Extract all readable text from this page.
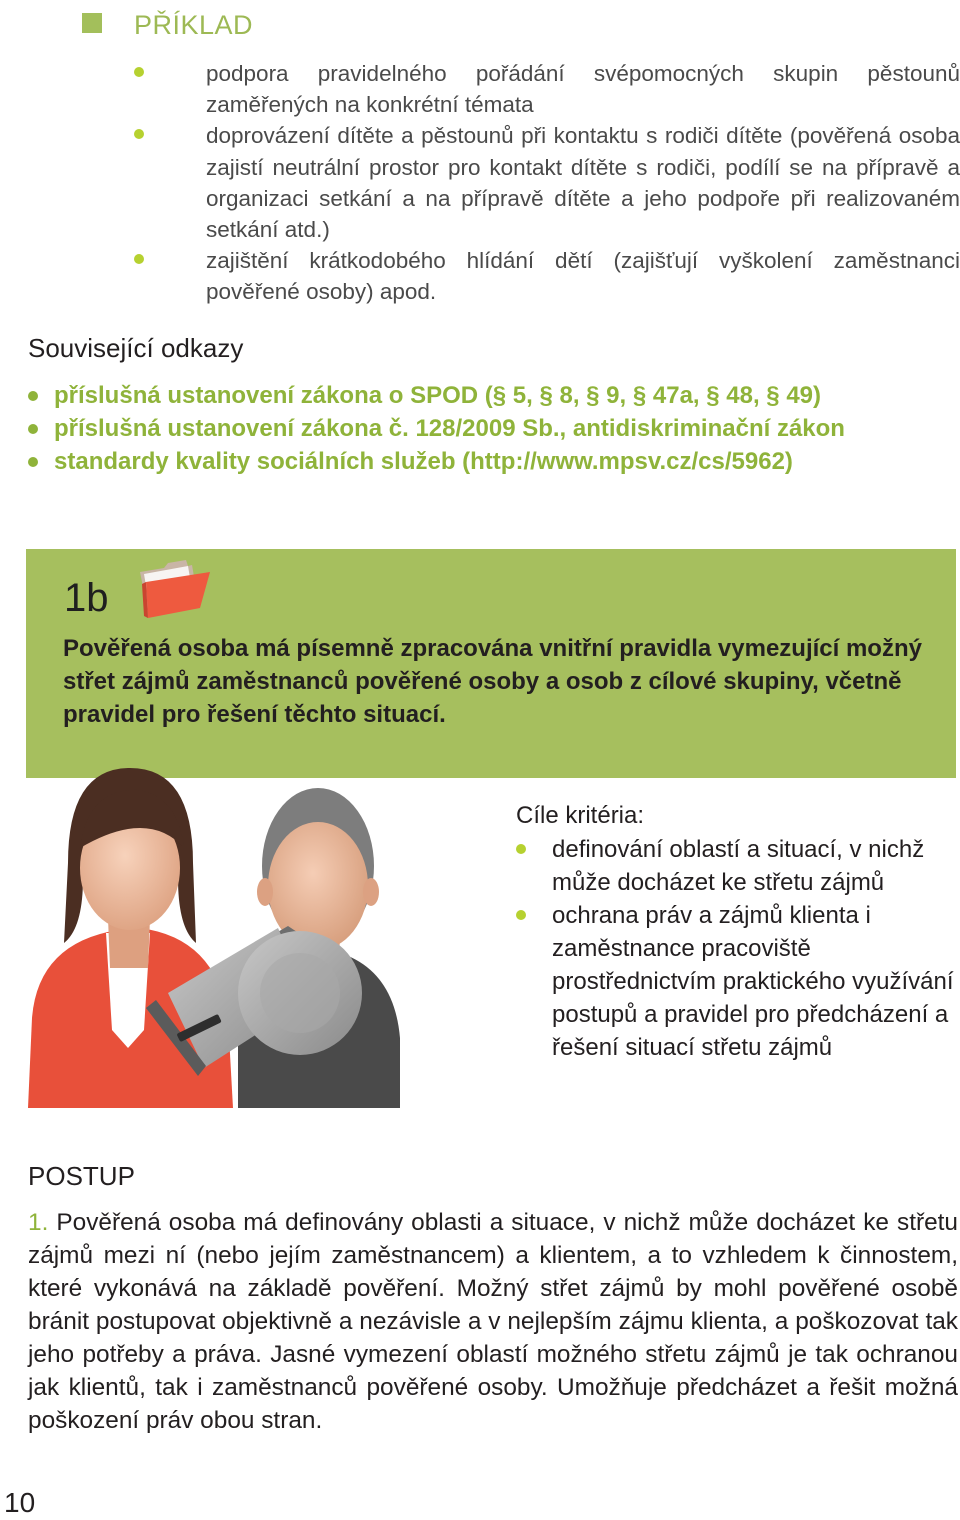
PŘÍKLAD
podpora pravidelného pořádání svépomocných skupin pěstounů zaměřených na konkrétní témata
doprovázení dítěte a pěstounů při kontaktu s rodiči dítěte (pověřená osoba zajistí neutrální prostor pro kontakt dítěte s rodiči, podílí se na přípravě a organizaci setkání a na přípravě dítěte a jeho podpoře při realizovaném setkání atd.)
zajištění krátkodobého hlídání dětí (zajišťují vyškolení zaměstnanci pověřené osoby) apod.
Související odkazy
příslušná ustanovení zákona o SPOD (§ 5, § 8, § 9, § 47a, § 48, § 49)
příslušná ustanovení zákona č. 128/2009 Sb., antidiskriminační zákon
standardy kvality sociálních služeb (http://www.mpsv.cz/cs/5962)
1b
Pověřená osoba má písemně zpracována vnitřní pravidla vymezující možný střet zájmů zaměstnanců pověřené osoby a osob z cílové skupiny, včetně pravidel pro řešení těchto situací.
Cíle kritéria:
definování oblastí a situací, v nichž může docházet ke střetu zájmů
ochrana práv a zájmů klienta i zaměstnance pracoviště prostřednictvím praktického využívání postupů a pravidel pro předcházení a řešení situací střetu zájmů
POSTUP

1. Pověřená osoba má definovány oblasti a situace, v nichž může docházet ke střetu zájmů mezi ní (nebo jejím zaměstnancem) a klientem, a to vzhledem k činnostem, které vykonává na základě pověření. Možný střet zájmů by mohl pověřené osobě bránit postupovat objektivně a nezávisle a v nejlepším zájmu klienta, a poškozovat tak jeho potřeby a práva. Jasné vymezení oblastí možného střetu zájmů je tak ochranou jak klientů, tak i zaměstnanců pověřené osoby. Umožňuje předcházet a řešit možná poškození práv obou stran.

10
